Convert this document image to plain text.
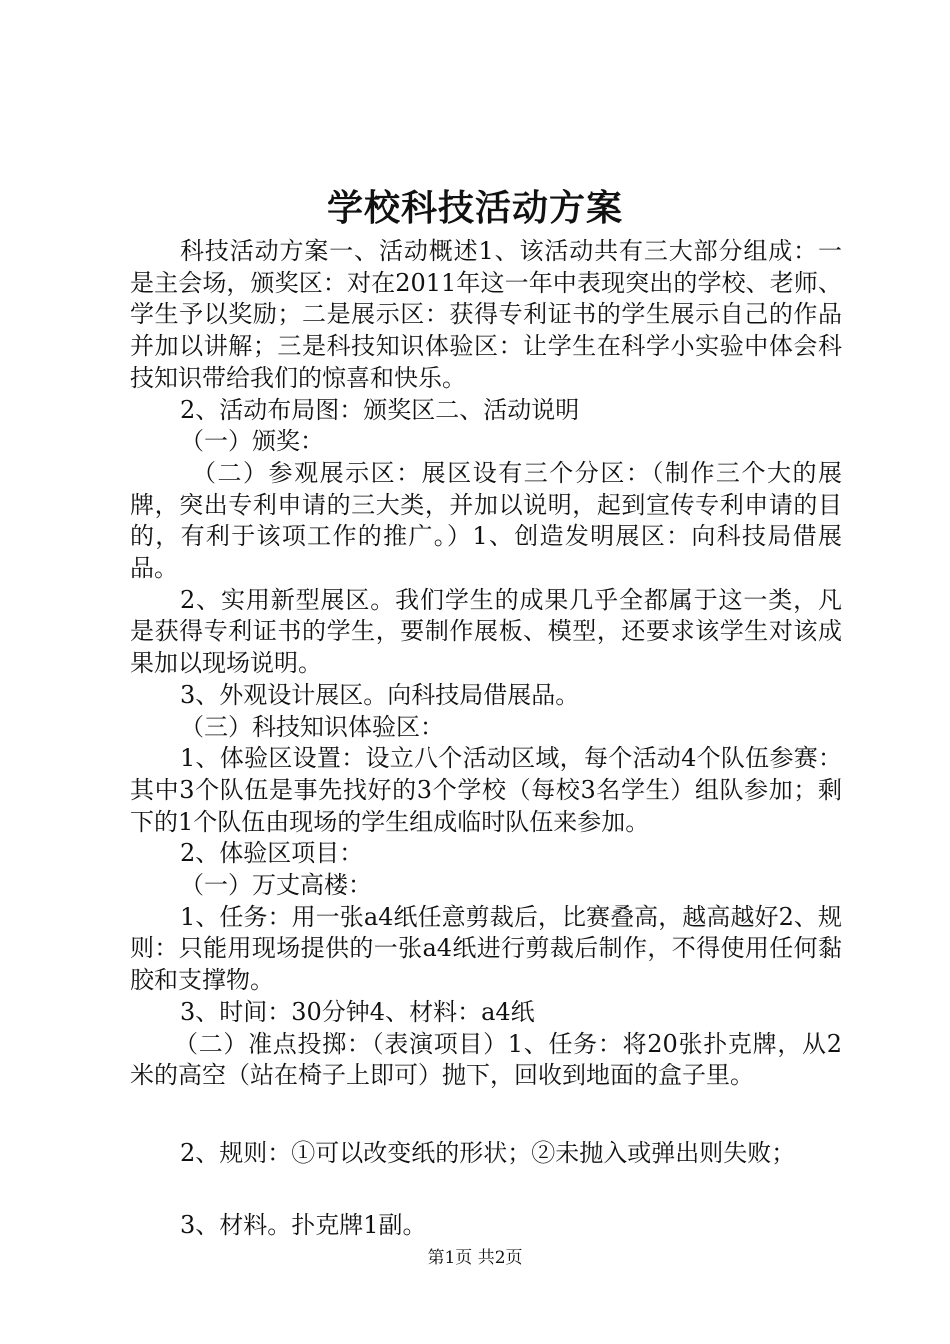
学校科技活动方案

科技活动方案一、活动概述1、该活动共有三大部分组成：一是主会场，颁奖区：对在2011年这一年中表现突出的学校、老师、学生予以奖励；二是展示区：获得专利证书的学生展示自己的作品并加以讲解；三是科技知识体验区：让学生在科学小实验中体会科技知识带给我们的惊喜和快乐。

2、活动布局图：颁奖区二、活动说明

（一）颁奖：

（二）参观展示区：展区设有三个分区：（制作三个大的展牌，突出专利申请的三大类，并加以说明，起到宣传专利申请的目的，有利于该项工作的推广。）1、创造发明展区：向科技局借展品。

2、实用新型展区。我们学生的成果几乎全都属于这一类，凡是获得专利证书的学生，要制作展板、模型，还要求该学生对该成果加以现场说明。

3、外观设计展区。向科技局借展品。

（三）科技知识体验区：

1、体验区设置：设立八个活动区域，每个活动4个队伍参赛：其中3个队伍是事先找好的3个学校（每校3名学生）组队参加；剩下的1个队伍由现场的学生组成临时队伍来参加。

2、体验区项目：

（一）万丈高楼：

1、任务：用一张a4纸任意剪裁后，比赛叠高，越高越好2、规则：只能用现场提供的一张a4纸进行剪裁后制作，不得使用任何黏胶和支撑物。

3、时间：30分钟4、材料：a4纸

（二）准点投掷：（表演项目）1、任务：将20张扑克牌，从2米的高空（站在椅子上即可）抛下，回收到地面的盒子里。

2、规则：①可以改变纸的形状；②未抛入或弹出则失败；

3、材料。扑克牌1副。

第1页 共2页
